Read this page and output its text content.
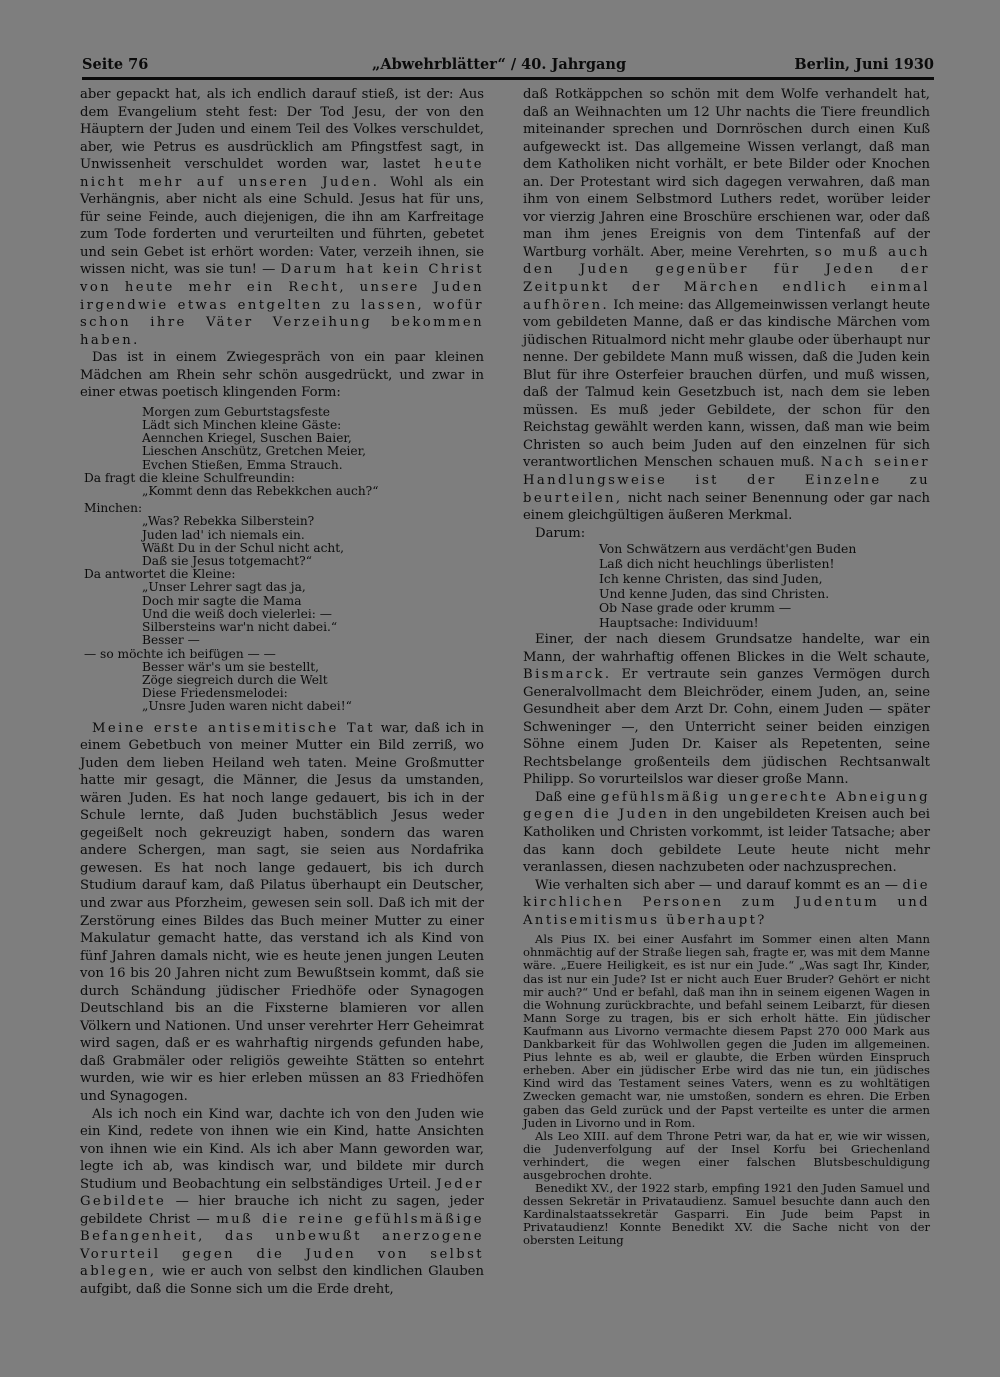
Seite 76	„Abwehrblätter“ / 40. Jahrgang	Berlin, Juni 1930

aber gepackt hat, als ich endlich darauf stieß, ist der: Aus dem Evangelium steht fest: Der Tod Jesu, der von den Häuptern der Juden und einem Teil des Volkes verschuldet, aber, wie Petrus es ausdrücklich am Pfingstfest sagt, in Unwissenheit verschuldet worden war, lastet heute nicht mehr auf unseren Juden. Wohl als ein Verhängnis, aber nicht als eine Schuld. Jesus hat für uns, für seine Feinde, auch diejenigen, die ihn am Karfreitage zum Tode forderten und verurteilten und führten, gebetet und sein Gebet ist erhört worden: Vater, verzeih ihnen, sie wissen nicht, was sie tun! — Darum hat kein Christ von heute mehr ein Recht, unsere Juden irgendwie etwas entgelten zu lassen, wofür schon ihre Väter Verzeihung bekommen haben.

Das ist in einem Zwiegespräch von ein paar kleinen Mädchen am Rhein sehr schön ausgedrückt, und zwar in einer etwas poetisch klingenden Form:

Morgen zum Geburtstagsfeste
Lädt sich Minchen kleine Gäste:
Aennchen Kriegel, Suschen Baier,
Lieschen Anschütz, Gretchen Meier,
Evchen Stießen, Emma Strauch.
Da fragt die kleine Schulfreundin:
„Kommt denn das Rebekkchen auch?“
Minchen:
„Was? Rebekka Silberstein?
Juden lad' ich niemals ein.
Wäßt Du in der Schul nicht acht,
Daß sie Jesus totgemacht?“
Da antwortet die Kleine:
„Unser Lehrer sagt das ja,
Doch mir sagte die Mama
Und die weiß doch vielerlei: —
Silbersteins war'n nicht dabei.“
Besser —
— so möchte ich beifügen — —
Besser wär's um sie bestellt,
Zöge siegreich durch die Welt
Diese Friedensmelodei:
„Unsre Juden waren nicht dabei!“

Meine erste antisemitische Tat war, daß ich in einem Gebetbuch von meiner Mutter ein Bild zerriß, wo Juden dem lieben Heiland weh taten. Meine Großmutter hatte mir gesagt, die Männer, die Jesus da umstanden, wären Juden. Es hat noch lange gedauert, bis ich in der Schule lernte, daß Juden buchstäblich Jesus weder gegeißelt noch gekreuzigt haben, sondern das waren andere Schergen, man sagt, sie seien aus Nordafrika gewesen. Es hat noch lange gedauert, bis ich durch Studium darauf kam, daß Pilatus überhaupt ein Deutscher, und zwar aus Pforzheim, gewesen sein soll. Daß ich mit der Zerstörung eines Bildes das Buch meiner Mutter zu einer Makulatur gemacht hatte, das verstand ich als Kind von fünf Jahren damals nicht, wie es heute jenen jungen Leuten von 16 bis 20 Jahren nicht zum Bewußtsein kommt, daß sie durch Schändung jüdischer Friedhöfe oder Synagogen Deutschland bis an die Fixsterne blamieren vor allen Völkern und Nationen. Und unser verehrter Herr Geheimrat wird sagen, daß er es wahrhaftig nirgends gefunden habe, daß Grabmäler oder religiös geweihte Stätten so entehrt wurden, wie wir es hier erleben müssen an 83 Friedhöfen und Synagogen.

Als ich noch ein Kind war, dachte ich von den Juden wie ein Kind, redete von ihnen wie ein Kind, hatte Ansichten von ihnen wie ein Kind. Als ich aber Mann geworden war, legte ich ab, was kindisch war, und bildete mir durch Studium und Beobachtung ein selbständiges Urteil. Jeder Gebildete — hier brauche ich nicht zu sagen, jeder gebildete Christ — muß die reine gefühlsmäßige Befangenheit, das unbewußt anerzogene Vorurteil gegen die Juden von selbst ablegen, wie er auch von selbst den kindlichen Glauben aufgibt, daß die Sonne sich um die Erde dreht,

daß Rotkäppchen so schön mit dem Wolfe verhandelt hat, daß an Weihnachten um 12 Uhr nachts die Tiere freundlich miteinander sprechen und Dornröschen durch einen Kuß aufgeweckt ist. Das allgemeine Wissen verlangt, daß man dem Katholiken nicht vorhält, er bete Bilder oder Knochen an. Der Protestant wird sich dagegen verwahren, daß man ihm von einem Selbstmord Luthers redet, worüber leider vor vierzig Jahren eine Broschüre erschienen war, oder daß man ihm jenes Ereignis von dem Tintenfaß auf der Wartburg vorhält. Aber, meine Verehrten, so muß auch den Juden gegenüber für Jeden der Zeitpunkt der Märchen endlich einmal aufhören. Ich meine: das Allgemeinwissen verlangt heute vom gebildeten Manne, daß er das kindische Märchen vom jüdischen Ritualmord nicht mehr glaube oder überhaupt nur nenne. Der gebildete Mann muß wissen, daß die Juden kein Blut für ihre Osterfeier brauchen dürfen, und muß wissen, daß der Talmud kein Gesetzbuch ist, nach dem sie leben müssen. Es muß jeder Gebildete, der schon für den Reichstag gewählt werden kann, wissen, daß man wie beim Christen so auch beim Juden auf den einzelnen für sich verantwortlichen Menschen schauen muß. Nach seiner Handlungsweise ist der Einzelne zu beurteilen, nicht nach seiner Benennung oder gar nach einem gleichgültigen äußeren Merkmal.

Darum:

Von Schwätzern aus verdächt'gen Buden
Laß dich nicht heuchlings überlisten!
Ich kenne Christen, das sind Juden,
Und kenne Juden, das sind Christen.
Ob Nase grade oder krumm —
Hauptsache: Individuum!

Einer, der nach diesem Grundsatze handelte, war ein Mann, der wahrhaftig offenen Blickes in die Welt schaute, Bismarck. Er vertraute sein ganzes Vermögen durch Generalvollmacht dem Bleichröder, einem Juden, an, seine Gesundheit aber dem Arzt Dr. Cohn, einem Juden — später Schweninger —, den Unterricht seiner beiden einzigen Söhne einem Juden Dr. Kaiser als Repetenten, seine Rechtsbelange großenteils dem jüdischen Rechtsanwalt Philipp. So vorurteilslos war dieser große Mann.

Daß eine gefühlsmäßig ungerechte Abneigung gegen die Juden in den ungebildeten Kreisen auch bei Katholiken und Christen vorkommt, ist leider Tatsache; aber das kann doch gebildete Leute heute nicht mehr veranlassen, diesen nachzubeten oder nachzusprechen.

Wie verhalten sich aber — und darauf kommt es an — die kirchlichen Personen zum Judentum und Antisemitismus überhaupt?

Als Pius IX. bei einer Ausfahrt im Sommer einen alten Mann ohnmächtig auf der Straße liegen sah, fragte er, was mit dem Manne wäre. „Euere Heiligkeit, es ist nur ein Jude.“ „Was sagt Ihr, Kinder, das ist nur ein Jude? Ist er nicht auch Euer Bruder? Gehört er nicht mir auch?“ Und er befahl, daß man ihn in seinem eigenen Wagen in die Wohnung zurückbrachte, und befahl seinem Leibarzt, für diesen Mann Sorge zu tragen, bis er sich erholt hätte. Ein jüdischer Kaufmann aus Livorno vermachte diesem Papst 270 000 Mark aus Dankbarkeit für das Wohlwollen gegen die Juden im allgemeinen. Pius lehnte es ab, weil er glaubte, die Erben würden Einspruch erheben. Aber ein jüdischer Erbe wird das nie tun, ein jüdisches Kind wird das Testament seines Vaters, wenn es zu wohltätigen Zwecken gemacht war, nie umstoßen, sondern es ehren. Die Erben gaben das Geld zurück und der Papst verteilte es unter die armen Juden in Livorno und in Rom.

Als Leo XIII. auf dem Throne Petri war, da hat er, wie wir wissen, die Judenverfolgung auf der Insel Korfu bei Griechenland verhindert, die wegen einer falschen Blutsbeschuldigung ausgebrochen drohte.

Benedikt XV., der 1922 starb, empfing 1921 den Juden Samuel und dessen Sekretär in Privataudienz. Samuel besuchte dann auch den Kardinalstaatssekretär Gasparri. Ein Jude beim Papst in Privataudienz! Konnte Benedikt XV. die Sache nicht von der obersten Leitung
